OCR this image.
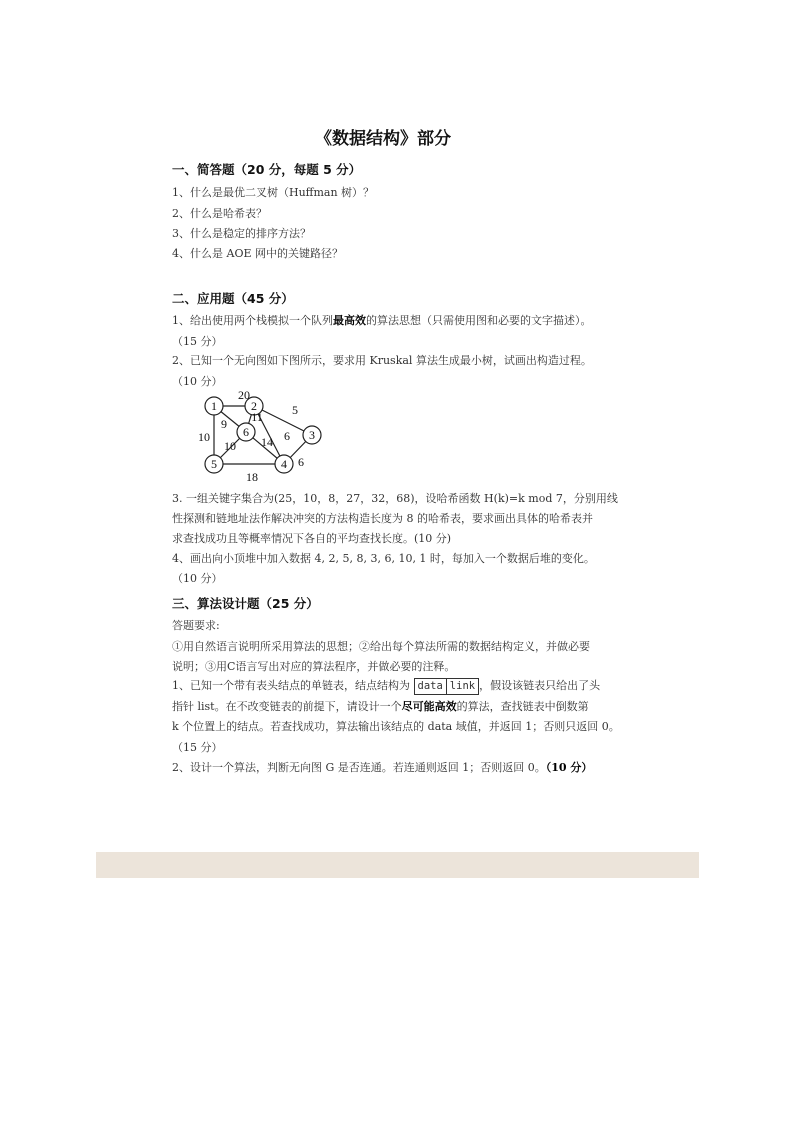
《数据结构》部分
一、简答题（20 分，每题 5 分）
1、什么是最优二叉树（Huffman 树）？
2、什么是哈希表？
3、什么是稳定的排序方法？
4、什么是 AOE 网中的关键路径？
二、应用题（45 分）
1、给出使用两个栈模拟一个队列最高效的算法思想（只需使用图和必要的文字描述）。
（15 分）
2、已知一个无向图如下图所示，要求用 Kruskal 算法生成最小树，试画出构造过程。
（10 分）
1	2
3
4
5
6
20
11 5
9
6
14
10
10
6
18
3. 一组关键字集合为(25，10，8，27，32，68)，设哈希函数 H(k)=k mod 7，分别用线
性探测和链地址法作解决冲突的方法构造长度为 8 的哈希表，要求画出具体的哈希表并
求查找成功且等概率情况下各自的平均查找长度。(10 分)
4、画出向小顶堆中加入数据 4, 2, 5, 8, 3, 6, 10, 1 时，每加入一个数据后堆的变化。
（10 分）
三、算法设计题（25 分）
答题要求:
①用自然语言说明所采用算法的思想；②给出每个算法所需的数据结构定义，并做必要
说明；③用C语言写出对应的算法程序，并做必要的注释。
1、已知一个带有表头结点的单链表，结点结构为 data link ，假设该链表只给出了头
指针 list。在不改变链表的前提下，请设计一个尽可能高效的算法，查找链表中倒数第
k 个位置上的结点。若查找成功，算法输出该结点的 data 域值，并返回 1；否则只返回 0。
（15 分）
2、设计一个算法，判断无向图 G 是否连通。若连通则返回 1；否则返回 0。（10 分）
